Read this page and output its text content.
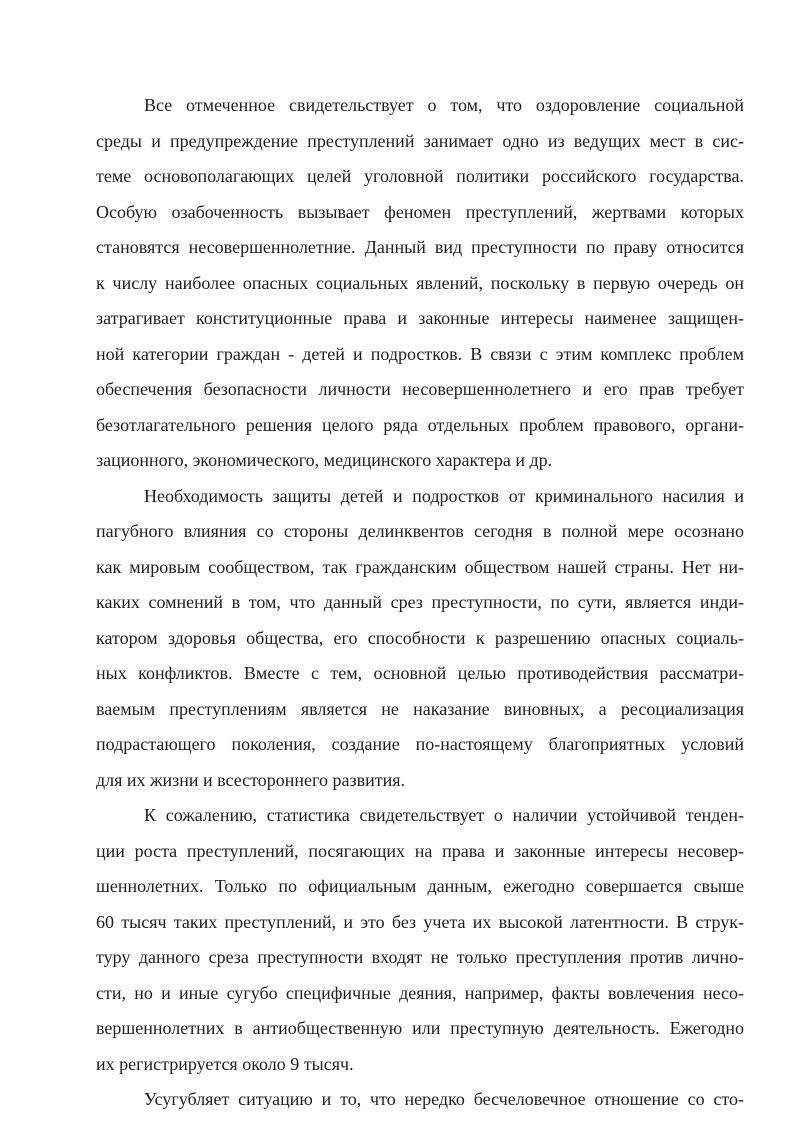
Все отмеченное свидетельствует о том, что оздоровление социальной
среды и предупреждение преступлений занимает одно из ведущих мест в сис-
теме основополагающих целей уголовной политики российского государства.
Особую озабоченность вызывает феномен преступлений, жертвами которых
становятся несовершеннолетние. Данный вид преступности по праву относится
к числу наиболее опасных социальных явлений, поскольку в первую очередь он
затрагивает конституционные права и законные интересы наименее защищен-
ной категории граждан - детей и подростков. В связи с этим комплекс проблем
обеспечения безопасности личности несовершеннолетнего и его прав требует
безотлагательного решения целого ряда отдельных проблем правового, органи-
зационного, экономического, медицинского характера и др.
Необходимость защиты детей и подростков от криминального насилия и
пагубного влияния со стороны делинквентов сегодня в полной мере осознано
как мировым сообществом, так гражданским обществом нашей страны. Нет ни-
каких сомнений в том, что данный срез преступности, по сути, является инди-
катором здоровья общества, его способности к разрешению опасных социаль-
ных конфликтов. Вместе с тем, основной целью противодействия рассматри-
ваемым преступлениям является не наказание виновных, а ресоциализация
подрастающего поколения, создание по-настоящему благоприятных условий
для их жизни и всестороннего развития.
К сожалению, статистика свидетельствует о наличии устойчивой тенден-
ции роста преступлений, посягающих на права и законные интересы несовер-
шеннолетних. Только по официальным данным, ежегодно совершается свыше
60 тысяч таких преступлений, и это без учета их высокой латентности. В струк-
туру данного среза преступности входят не только преступления против лично-
сти, но и иные сугубо специфичные деяния, например, факты вовлечения несо-
вершеннолетних в антиобщественную или преступную деятельность. Ежегодно
их регистрируется около 9 тысяч.
Усугубляет ситуацию и то, что нередко бесчеловечное отношение со сто-
